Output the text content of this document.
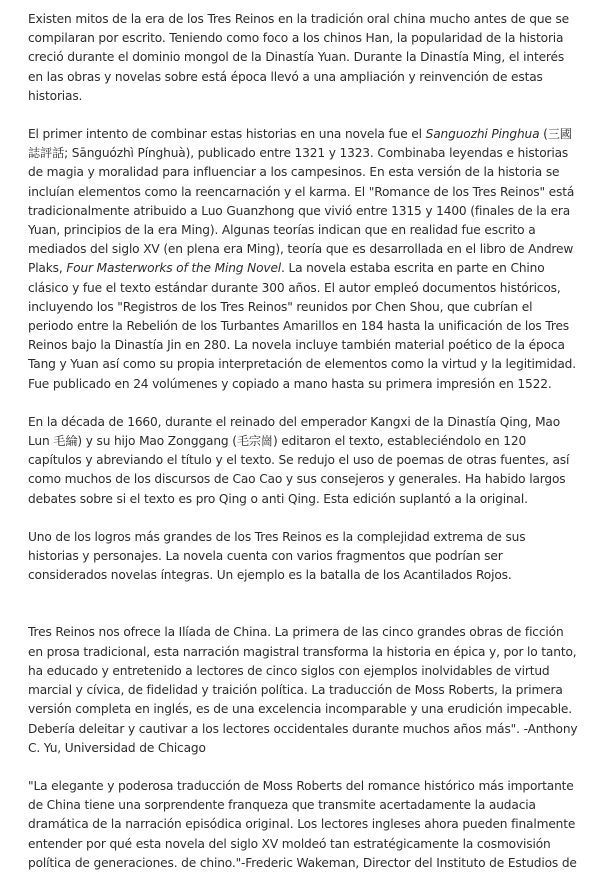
Existen mitos de la era de los Tres Reinos en la tradición oral china mucho antes de que se compilaran por escrito. Teniendo como foco a los chinos Han, la popularidad de la historia creció durante el dominio mongol de la Dinastía Yuan. Durante la Dinastía Ming, el interés en las obras y novelas sobre está época llevó a una ampliación y reinvención de estas historias.

El primer intento de combinar estas historias en una novela fue el Sanguozhi Pinghua (三國誌評話; Sānguózhì Pínghuà), publicado entre 1321 y 1323. Combinaba leyendas e historias de magia y moralidad para influenciar a los campesinos. En esta versión de la historia se incluían elementos como la reencarnación y el karma. El "Romance de los Tres Reinos" está tradicionalmente atribuido a Luo Guanzhong que vivió entre 1315 y 1400 (finales de la era Yuan, principios de la era Ming). Algunas teorías indican que en realidad fue escrito a mediados del siglo XV (en plena era Ming), teoría que es desarrollada en el libro de Andrew Plaks, Four Masterworks of the Ming Novel. La novela estaba escrita en parte en Chino clásico y fue el texto estándar durante 300 años. El autor empleó documentos históricos, incluyendo los "Registros de los Tres Reinos" reunidos por Chen Shou, que cubrían el periodo entre la Rebelión de los Turbantes Amarillos en 184 hasta la unificación de los Tres Reinos bajo la Dinastía Jin en 280. La novela incluye también material poético de la época Tang y Yuan así como su propia interpretación de elementos como la virtud y la legitimidad. Fue publicado en 24 volúmenes y copiado a mano hasta su primera impresión en 1522.

En la década de 1660, durante el reinado del emperador Kangxi de la Dinastía Qing, Mao Lun 毛綸) y su hijo Mao Zonggang (毛宗崗) editaron el texto, estableciéndolo en 120 capítulos y abreviando el título y el texto. Se redujo el uso de poemas de otras fuentes, así como muchos de los discursos de Cao Cao y sus consejeros y generales. Ha habido largos debates sobre si el texto es pro Qing o anti Qing. Esta edición suplantó a la original.

Uno de los logros más grandes de los Tres Reinos es la complejidad extrema de sus historias y personajes. La novela cuenta con varios fragmentos que podrían ser considerados novelas íntegras. Un ejemplo es la batalla de los Acantilados Rojos.

Tres Reinos nos ofrece la Ilíada de China. La primera de las cinco grandes obras de ficción en prosa tradicional, esta narración magistral transforma la historia en épica y, por lo tanto, ha educado y entretenido a lectores de cinco siglos con ejemplos inolvidables de virtud marcial y cívica, de fidelidad y traición política. La traducción de Moss Roberts, la primera versión completa en inglés, es de una excelencia incomparable y una erudición impecable. Debería deleitar y cautivar a los lectores occidentales durante muchos años más". -Anthony C. Yu, Universidad de Chicago

"La elegante y poderosa traducción de Moss Roberts del romance histórico más importante de China tiene una sorprendente franqueza que transmite acertadamente la audacia dramática de la narración episódica original. Los lectores ingleses ahora pueden finalmente entender por qué esta novela del siglo XV moldeó tan estratégicamente la cosmovisión política de generaciones. de chino."-Frederic Wakeman, Director del Instituto de Estudios de
